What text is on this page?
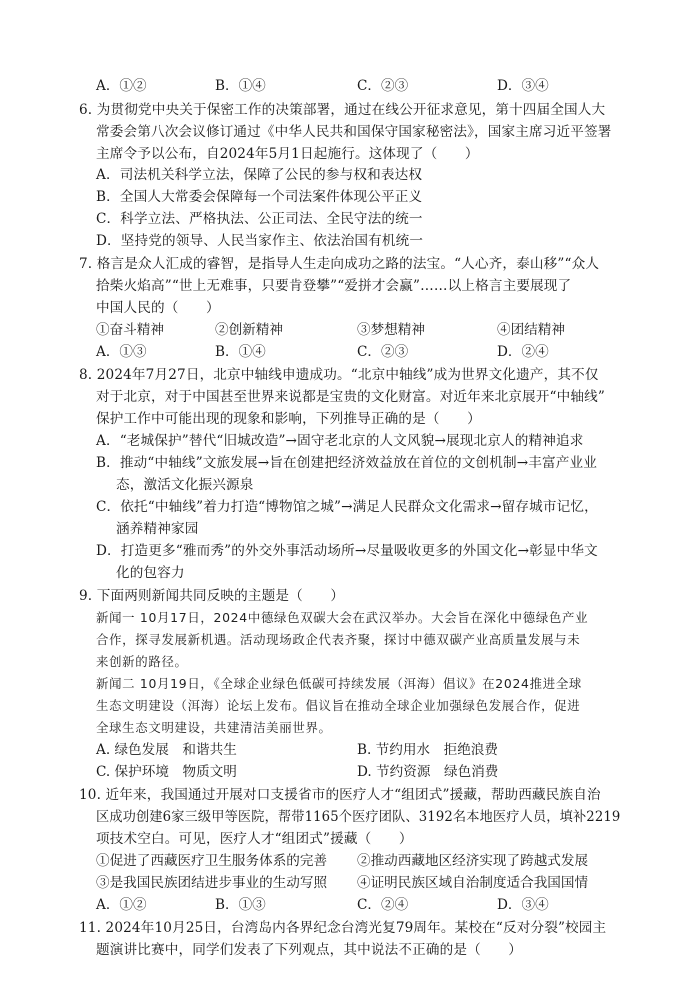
A．①②	B．①④	C．②③	D．③④
6. 为贯彻党中央关于保密工作的决策部署，通过在线公开征求意见，第十四届全国人大
常委会第八次会议修订通过《中华人民共和国保守国家秘密法》，国家主席习近平签署
主席令予以公布，自2024年5月1日起施行。这体现了（　　）
A．司法机关科学立法，保障了公民的参与权和表达权
B．全国人大常委会保障每一个司法案件体现公平正义
C．科学立法、严格执法、公正司法、全民守法的统一
D．坚持党的领导、人民当家作主、依法治国有机统一
7. 格言是众人汇成的睿智，是指导人生走向成功之路的法宝。“人心齐，泰山移”“众人
拾柴火焰高”“世上无难事，只要肯登攀”“爱拼才会赢”……以上格言主要展现了
中国人民的（　　）
①奋斗精神	②创新精神	③梦想精神	④团结精神
A．①③	B．①④	C．②③	D．②④
8. 2024年7月27日，北京中轴线申遗成功。“北京中轴线”成为世界文化遗产，其不仅
对于北京，对于中国甚至世界来说都是宝贵的文化财富。对近年来北京展开“中轴线”
保护工作中可能出现的现象和影响，下列推导正确的是（　　）
A．“老城保护”替代“旧城改造”→固守老北京的人文风貌→展现北京人的精神追求
B．推动“中轴线”文旅发展→旨在创建把经济效益放在首位的文创机制→丰富产业业
态，激活文化振兴源泉
C．依托“中轴线”着力打造“博物馆之城”→满足人民群众文化需求→留存城市记忆，
涵养精神家园
D．打造更多“雅而秀”的外交外事活动场所→尽量吸收更多的外国文化→彰显中华文
化的包容力
9. 下面两则新闻共同反映的主题是（　　）
新闻一 10月17日，2024中德绿色双碳大会在武汉举办。大会旨在深化中德绿色产业
合作，探寻发展新机遇。活动现场政企代表齐聚，探讨中德双碳产业高质量发展与未
来创新的路径。
新闻二 10月19日，《全球企业绿色低碳可持续发展（洱海）倡议》在2024推进全球
生态文明建设（洱海）论坛上发布。倡议旨在推动全球企业加强绿色发展合作，促进
全球生态文明建设，共建清洁美丽世界。
A. 绿色发展　和谐共生	B. 节约用水　拒绝浪费
C. 保护环境　物质文明	D. 节约资源　绿色消费
10. 近年来，我国通过开展对口支援省市的医疗人才“组团式”援藏，帮助西藏民族自治
区成功创建6家三级甲等医院，帮带1165个医疗团队、3192名本地医疗人员，填补2219
项技术空白。可见，医疗人才“组团式”援藏（　　）
①促进了西藏医疗卫生服务体系的完善 ②推动西藏地区经济实现了跨越式发展
③是我国民族团结进步事业的生动写照 ④证明民族区域自治制度适合我国国情
A．①②	B．①③	C．②④	D．③④
11. 2024年10月25日，台湾岛内各界纪念台湾光复79周年。某校在“反对分裂”校园主
题演讲比赛中，同学们发表了下列观点，其中说法不正确的是（　　）
